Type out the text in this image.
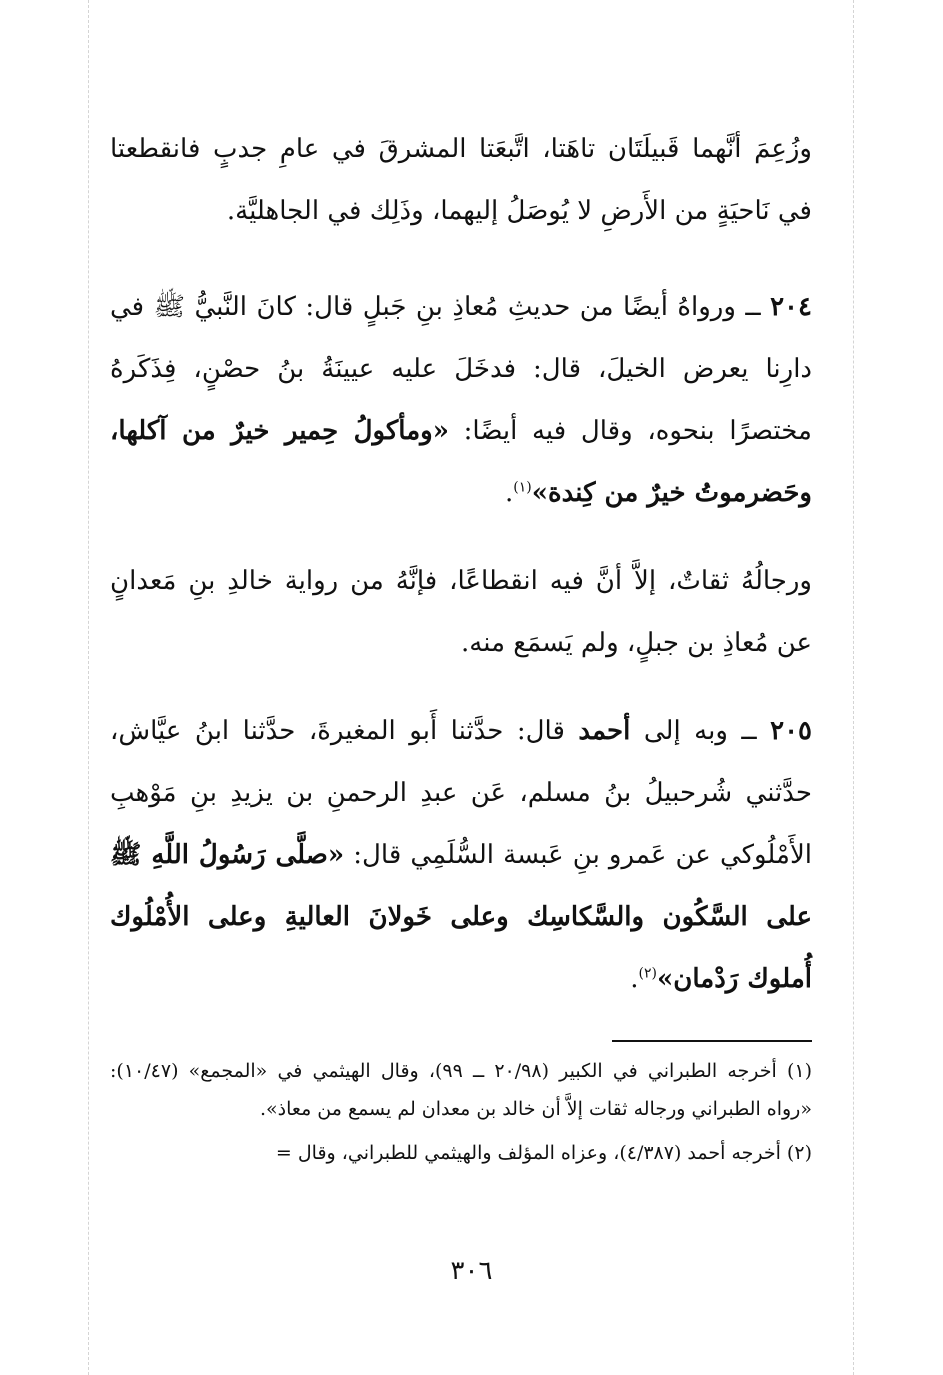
وزُعِمَ أنَّهما قَبيلَتَان تاهَتا، اتَّبعَتا المشرقَ في عامِ جدبٍ فانقطعتا في نَاحيَةٍ من الأَرضِ لا يُوصَلُ إليهما، وذَلِك في الجاهليَّة.

٢٠٤ ــ ورواهُ أيضًا من حديثِ مُعاذِ بنِ جَبلٍ قال: كانَ النَّبيُّ ﷺ في دارِنا يعرض الخيلَ، قال: فدخَلَ عليه عيينَةُ بنُ حصْنٍ، فِذَكَرهُ مختصرًا بنحوه، وقال فيه أيضًا: «ومأكولُ حِمير خيرٌ من آكلها، وحَضرموتُ خيرٌ من كِندة»$^{(١)}$.

ورجالُهُ ثقاتٌ، إلاَّ أنَّ فيه انقطاعًا، فإنَّهُ من رواية خالدِ بنِ مَعدانٍ عن مُعاذِ بن جبلٍ، ولم يَسمَع منه.

٢٠٥ ــ وبه إلى أحمد قال: حدَّثنا أَبو المغيرةَ، حدَّثنا ابنُ عيَّاش، حدَّثني شُرحبيلُ بنُ مسلم، عَن عبدِ الرحمنِ بن يزيدِ بنِ مَوْهبِ الأَمْلُوكي عن عَمرو بنِ عَبسة السُّلَمِي قال: «صلَّى رَسُولُ اللَّهِ ﷺ على السَّكُون والسَّكاسِك وعلى خَولانَ العاليةِ وعلى الأُمْلُوك أُملوك رَدْمان»$^{(٢)}$.

(١) أخرجه الطبراني في الكبير (٢٠/٩٨ ــ ٩٩)، وقال الهيثمي في «المجمع» (١٠/٤٧): «رواه الطبراني ورجاله ثقات إلاَّ أن خالد بن معدان لم يسمع من معاذ».

(٢) أخرجه أحمد (٤/٣٨٧)، وعزاه المؤلف والهيثمي للطبراني، وقال =

٣٠٦
